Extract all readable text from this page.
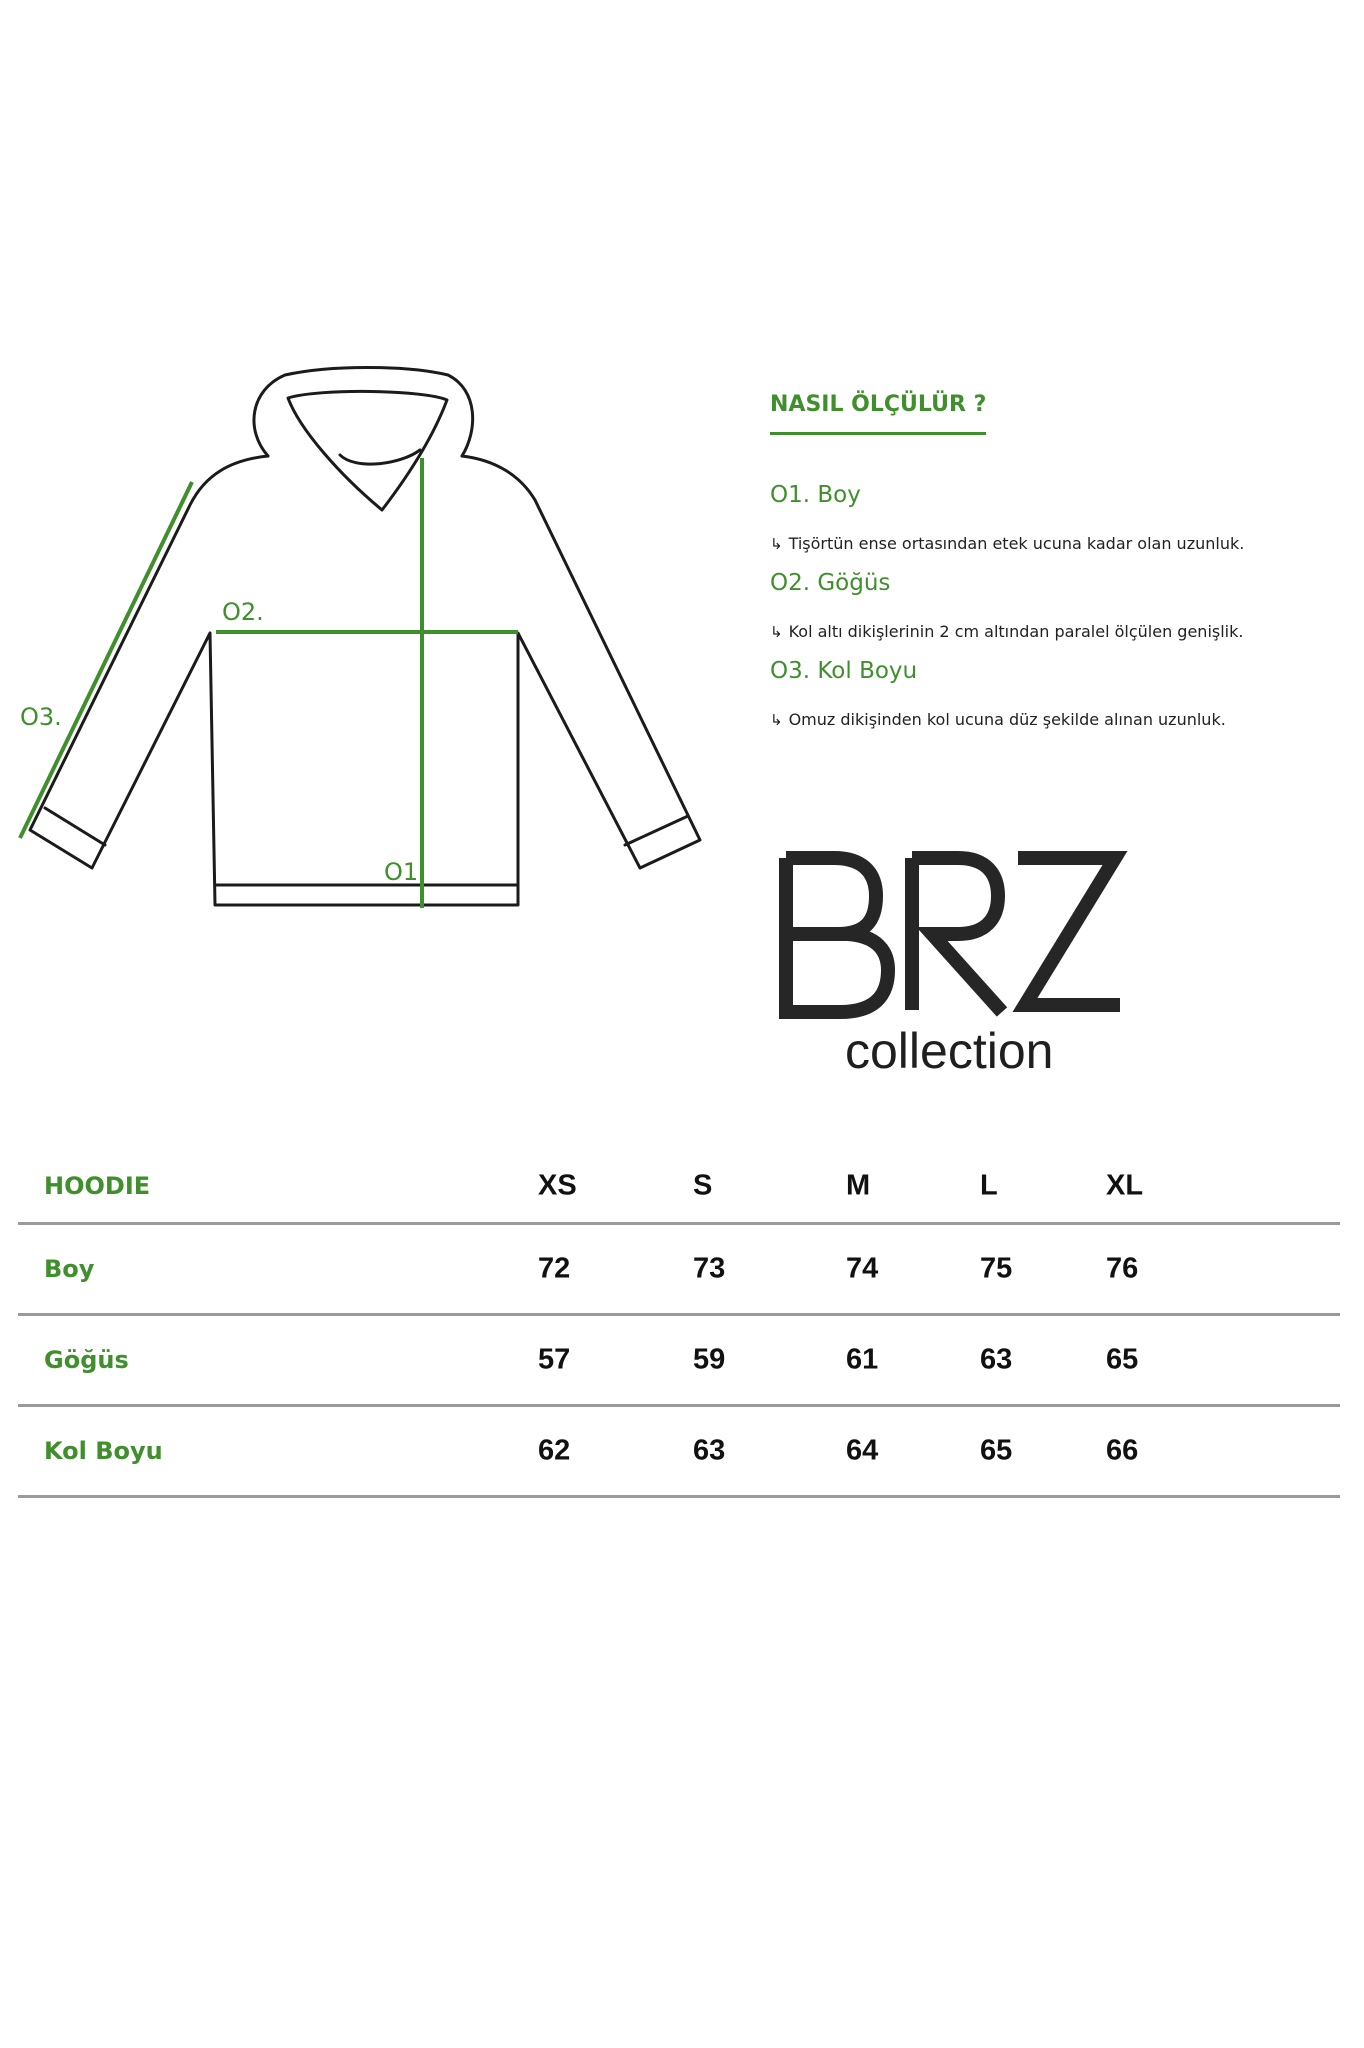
O1.
O2.
O3.
NASIL ÖLÇÜLÜR ?
O1. Boy
↳ Tişörtün ense ortasından etek ucuna kadar olan uzunluk.
O2. Göğüs
↳ Kol altı dikişlerinin 2 cm altından paralel ölçülen genişlik.
O3. Kol Boyu
↳ Omuz dikişinden kol ucuna düz şekilde alınan uzunluk.
collection
HOODIE	XS	S	M	L	XL
Boy	72	73	74	75	76
Göğüs	57	59	61	63	65
Kol Boyu	62	63	64	65	66
